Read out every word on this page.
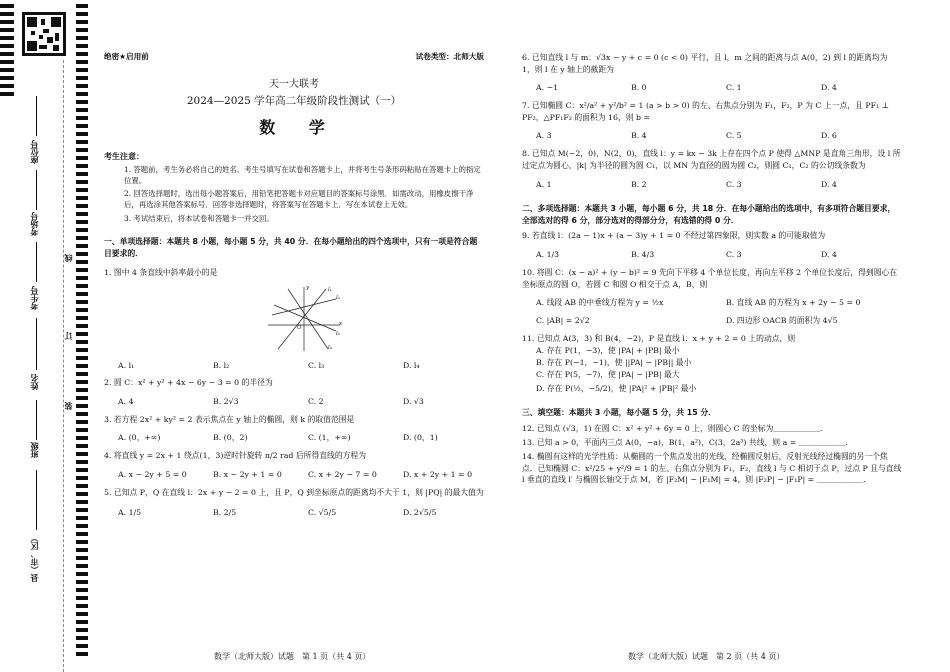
座位号
考场号
考生号
姓名
班级
县（市、区）
线
订
装
绝密★启用前	试卷类型：北师大版
天一大联考
2024—2025 学年高二年级阶段性测试（一）
数 学
考生注意：
1. 答题前，考生务必将自己的姓名、考生号填写在试卷和答题卡上，并将考生号条形码粘贴在答题卡上的指定位置。
2. 回答选择题时，选出每小题答案后，用铅笔把答题卡对应题目的答案标号涂黑．如需改动，用橡皮擦干净后，再选涂其他答案标号．回答非选择题时，将答案写在答题卡上．写在本试卷上无效。
3. 考试结束后，将本试卷和答题卡一并交回。
一、单项选择题：本题共 8 小题，每小题 5 分，共 40 分．在每小题给出的四个选项中，只有一项是符合题目要求的．
1. 图中 4 条直线中斜率最小的是
y	l₁
l₂
O
x
l₃
l₄
A. l₁	B. l₂	C. l₃	D. l₄
2. 圆 C：x² + y² + 4x − 6y − 3 = 0 的半径为
A. 4	B. 2√3	C. 2	D. √3
3. 若方程 2x² + ky² = 2 表示焦点在 y 轴上的椭圆，则 k 的取值范围是
A. (0，+∞)	B. (0，2)	C. (1，+∞)	D. (0，1)
4. 将直线 y = 2x + 1 绕点(1，3)逆时针旋转 π/2 rad 后所得直线的方程为
A. x − 2y + 5 = 0	B. x − 2y + 1 = 0	C. x + 2y − 7 = 0	D. x + 2y + 1 = 0
5. 已知点 P，Q 在直线 l：2x + y − 2 = 0 上，且 P，Q 到坐标原点的距离均不大于 1，则 |PQ| 的最大值为
A. 1/5	B. 2/5	C. √5/5	D. 2√5/5
数学（北师大版）试题　第 1 页（共 4 页）
6. 已知直线 l 与 m：√3x − y + c = 0 (c < 0) 平行，且 l，m 之间的距离与点 A(0，2) 到 l 的距离均为 1，则 l 在 y 轴上的截距为
A. −1	B. 0	C. 1	D. 4
7. 已知椭圆 C：x²/a² + y²/b² = 1 (a > b > 0) 的左、右焦点分别为 F₁，F₂，P 为 C 上一点，且 PF₁ ⊥ PF₂，△PF₁F₂ 的面积为 16，则 b =
A. 3	B. 4	C. 5	D. 6
8. 已知点 M(−2，0)，N(2，0)，直线 l：y = kx − 3k 上存在四个点 P 使得 △MNP 是直角三角形，设 l 所过定点为圆心，|k| 为半径的圆为圆 C₁，以 MN 为直径的圆为圆 C₂，则圆 C₁，C₂ 的公切线条数为
A. 1	B. 2	C. 3	D. 4
二、多项选择题：本题共 3 小题，每小题 6 分，共 18 分．在每小题给出的选项中，有多项符合题目要求，全部选对的得 6 分，部分选对的得部分分，有选错的得 0 分．
9. 若直线 l：(2a − 1)x + (a − 3)y + 1 = 0 不经过第四象限，则实数 a 的可能取值为
A. 1/3	B. 4/3	C. 3	D. 4
10. 将圆 C：(x − a)² + (y − b)² = 9 先向下平移 4 个单位长度，再向左平移 2 个单位长度后，得到圆心在坐标原点的圆 O，若圆 C 和圆 O 相交于点 A，B，则
A. 线段 AB 的中垂线方程为 y = ½x	B. 直线 AB 的方程为 x + 2y − 5 = 0
C. |AB| = 2√2	D. 四边形 OACB 的面积为 4√5
11. 已知点 A(3，3) 和 B(4，−2)，P 是直线 l：x + y + 2 = 0 上的动点，则
A. 存在 P(1，−3)，使 |PA| + |PB| 最小
B. 存在 P(−1，−1)，使 ||PA| − |PB|| 最小
C. 存在 P(5，−7)，使 |PA| − |PB| 最大
D. 存在 P(½，−5/2)，使 |PA|² + |PB|² 最小
三、填空题：本题共 3 小题，每小题 5 分，共 15 分．
12. 已知点 (√3，1) 在圆 C：x² + y² + 6y = 0 上，则圆心 C 的坐标为＿＿＿＿＿＿．
13. 已知 a > 0，平面内三点 A(0，−a)，B(1，a²)，C(3，2a³) 共线，则 a = ＿＿＿＿＿＿．
14. 椭圆有这样的光学性质：从椭圆的一个焦点发出的光线，经椭圆反射后，反射光线经过椭圆的另一个焦点．已知椭圆 C：x²/25 + y²/9 = 1 的左、右焦点分别为 F₁，F₂，直线 l 与 C 相切于点 P，过点 P 且与直线 l 垂直的直线 l′ 与椭圆长轴交于点 M，若 |F₂M| − |F₁M| = 4，则 |F₂P| − |F₁P| = ＿＿＿＿＿＿．
数学（北师大版）试题　第 2 页（共 4 页）
